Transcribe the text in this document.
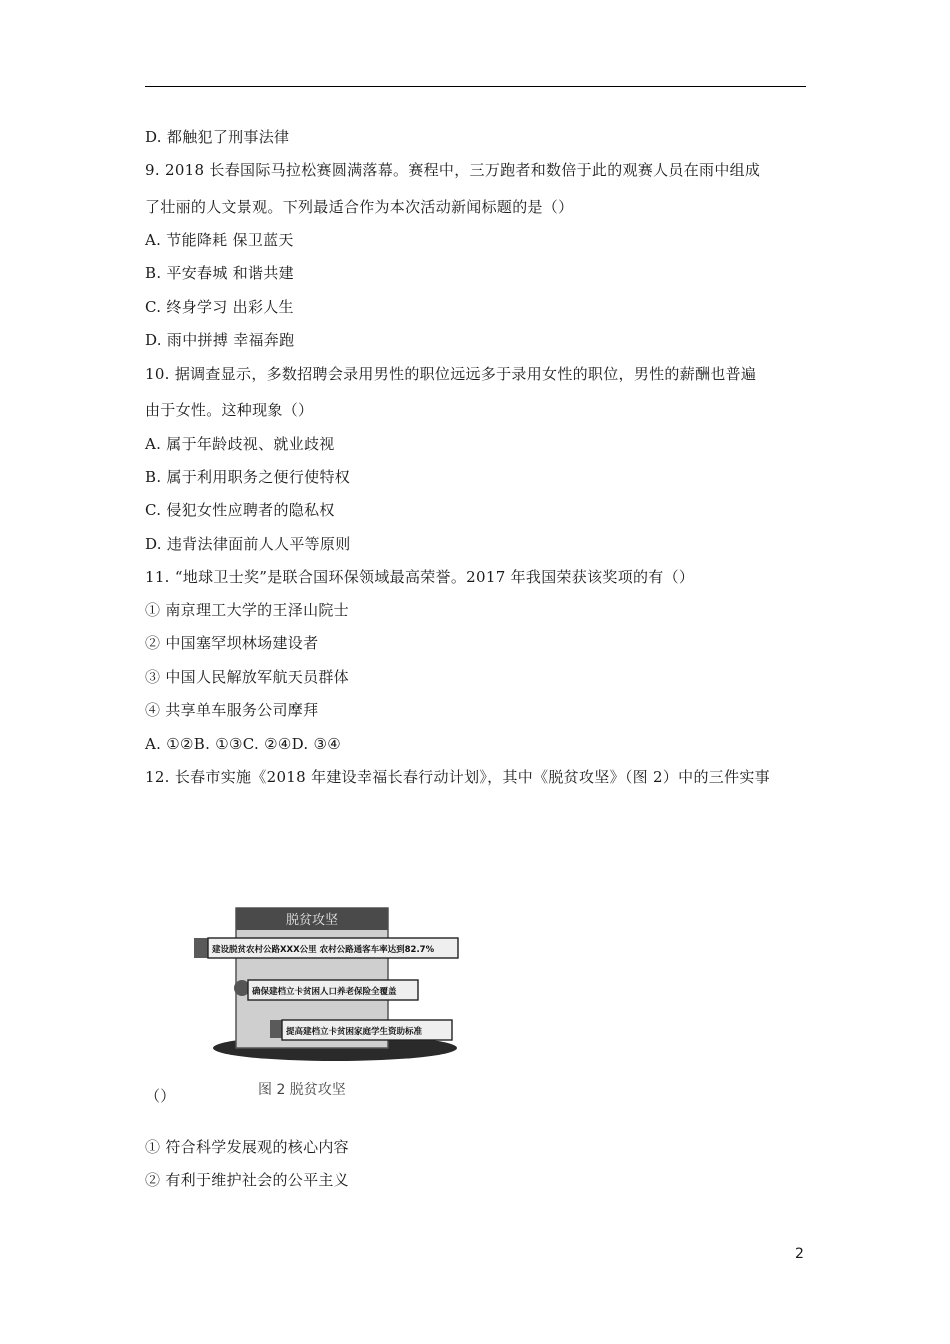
D. 都触犯了刑事法律
9. 2018 长春国际马拉松赛圆满落幕。赛程中，三万跑者和数倍于此的观赛人员在雨中组成
了壮丽的人文景观。下列最适合作为本次活动新闻标题的是（）
A. 节能降耗 保卫蓝天
B. 平安春城 和谐共建
C. 终身学习 出彩人生
D. 雨中拼搏 幸福奔跑
10. 据调查显示，多数招聘会录用男性的职位远远多于录用女性的职位，男性的薪酬也普遍
由于女性。这种现象（）
A. 属于年龄歧视、就业歧视
B. 属于利用职务之便行使特权
C. 侵犯女性应聘者的隐私权
D. 违背法律面前人人平等原则
11. “地球卫士奖”是联合国环保领域最高荣誉。2017 年我国荣获该奖项的有（）
① 南京理工大学的王泽山院士
② 中国塞罕坝林场建设者
③ 中国人民解放军航天员群体
④ 共享单车服务公司摩拜
A. ①②B. ①③C. ②④D. ③④
12. 长春市实施《2018 年建设幸福长春行动计划》，其中《脱贫攻坚》（图 2）中的三件实事
脱贫攻坚
建设脱贫农村公路XXX公里 农村公路通客车率达到82.7%
确保建档立卡贫困人口养老保险全覆盖
提高建档立卡贫困家庭学生资助标准
图 2 脱贫攻坚
（）
① 符合科学发展观的核心内容
② 有利于维护社会的公平主义
2
